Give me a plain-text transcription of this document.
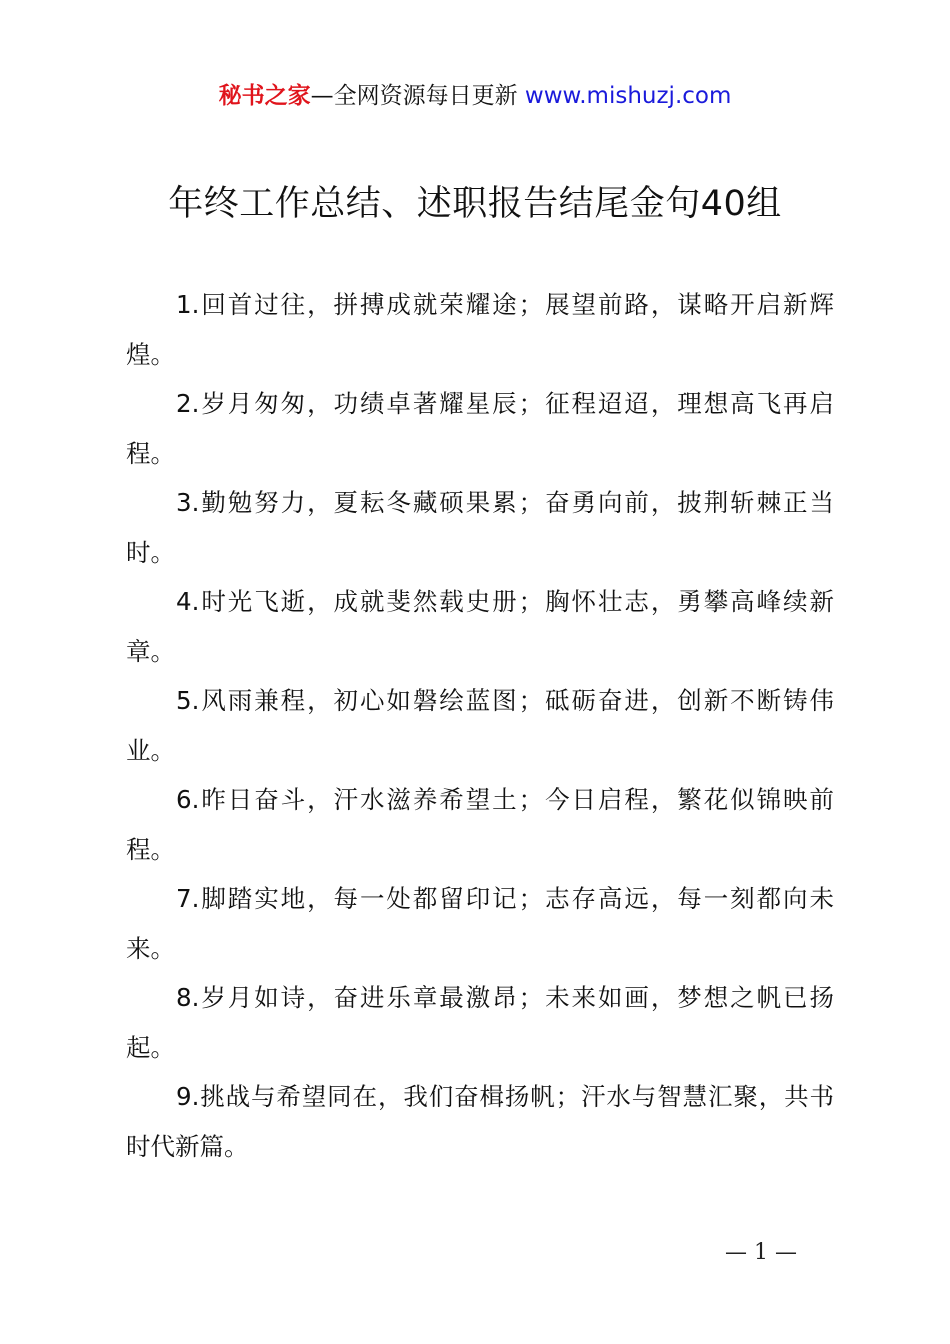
秘书之家—全网资源每日更新 www.mishuzj.com
年终工作总结、述职报告结尾金句40组

1.回首过往，拼搏成就荣耀途；展望前路，谋略开启新辉煌。

2.岁月匆匆，功绩卓著耀星辰；征程迢迢，理想高飞再启程。

3.勤勉努力，夏耘冬藏硕果累；奋勇向前，披荆斩棘正当时。

4.时光飞逝，成就斐然载史册；胸怀壮志，勇攀高峰续新章。

5.风雨兼程，初心如磐绘蓝图；砥砺奋进，创新不断铸伟业。

6.昨日奋斗，汗水滋养希望土；今日启程，繁花似锦映前程。

7.脚踏实地，每一处都留印记；志存高远，每一刻都向未来。

8.岁月如诗，奋进乐章最激昂；未来如画，梦想之帆已扬起。

9.挑战与希望同在，我们奋楫扬帆；汗水与智慧汇聚，共书时代新篇。

— 1 —
